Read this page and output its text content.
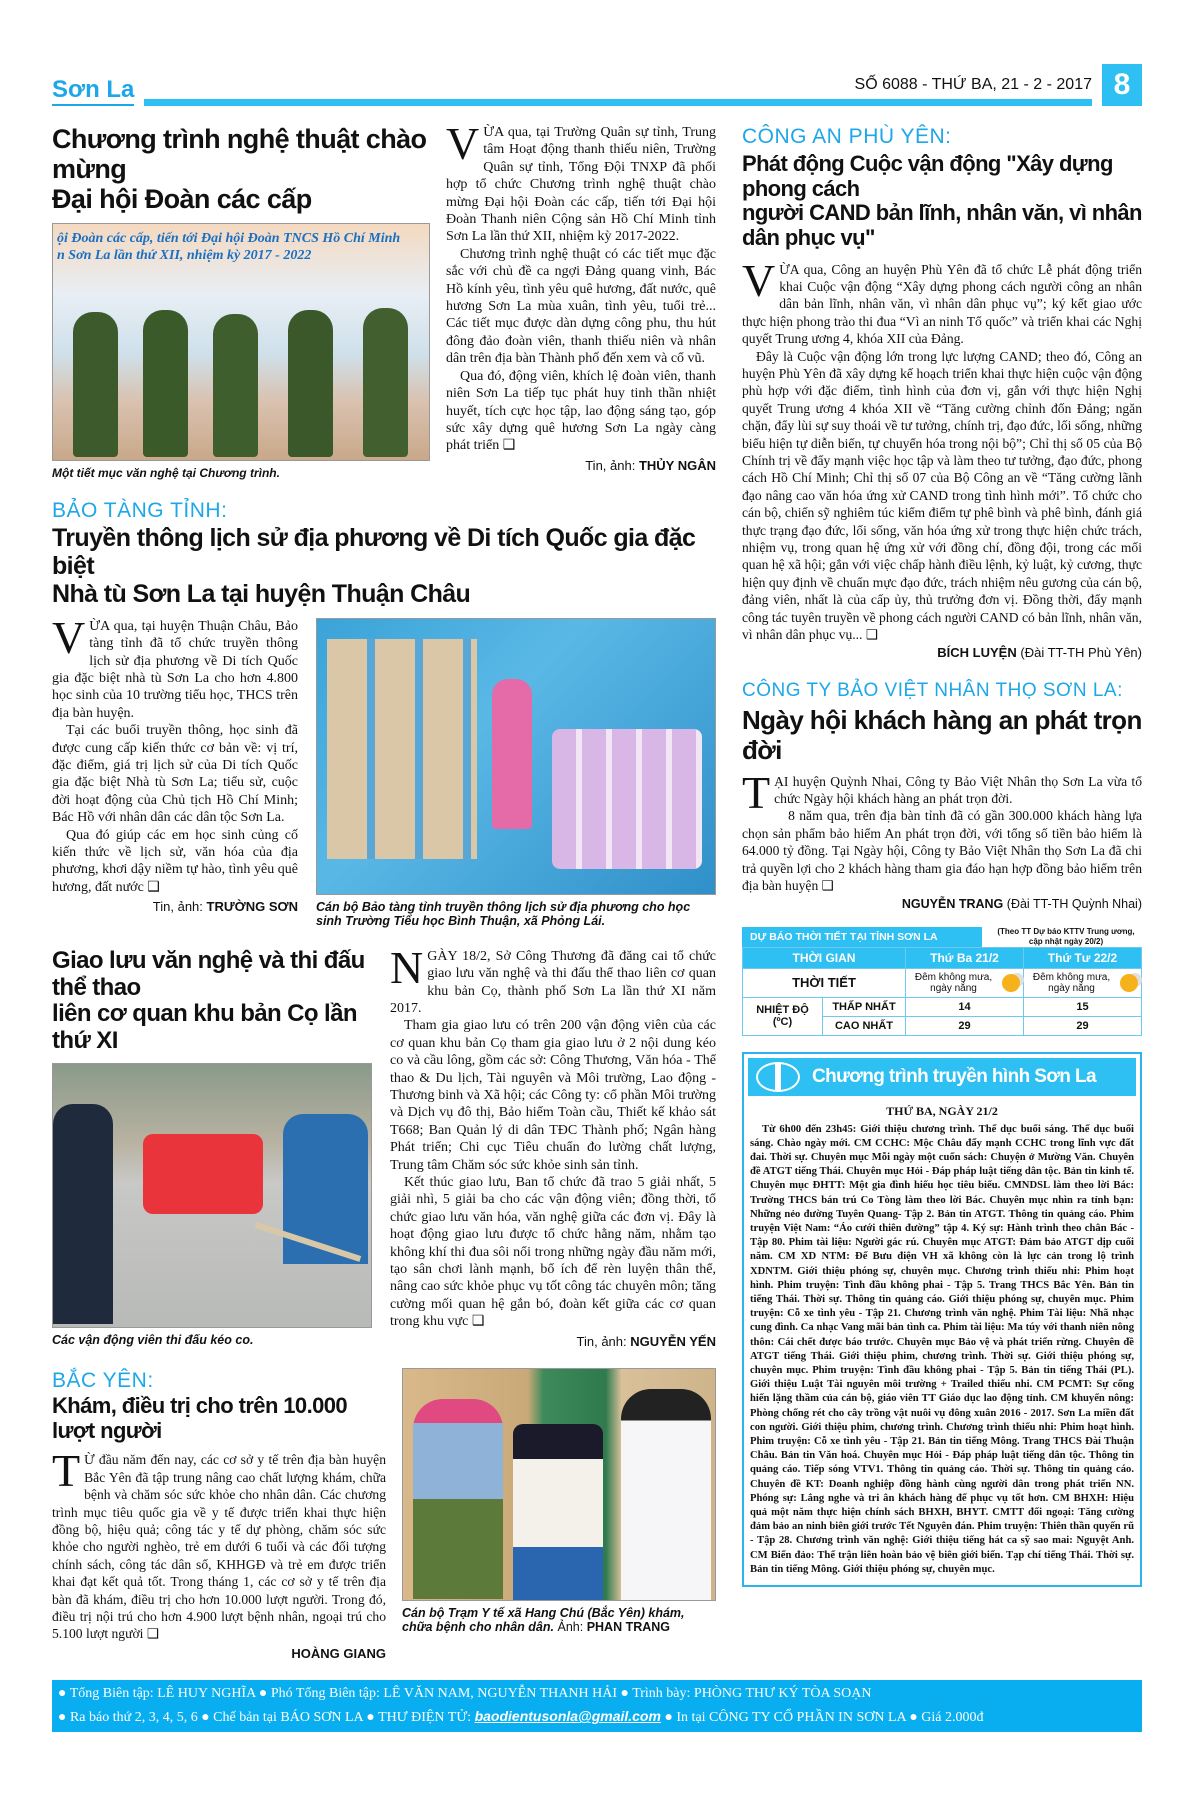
Sơn La	SỐ 6088 - THỨ BA, 21 - 2 - 2017 8
Chương trình nghệ thuật chào mừng
Đại hội Đoàn các cấp
ội Đoàn các cấp, tiến tới Đại hội Đoàn TNCS Hồ Chí Minh
n Sơn La lần thứ XII, nhiệm kỳ 2017 - 2022
Một tiết mục văn nghệ tại Chương trình.

VỪA qua, tại Trường Quân sự tỉnh, Trung tâm Hoạt động thanh thiếu niên, Trường Quân sự tỉnh, Tổng Đội TNXP đã phối hợp tổ chức Chương trình nghệ thuật chào mừng Đại hội Đoàn các cấp, tiến tới Đại hội Đoàn Thanh niên Cộng sản Hồ Chí Minh tỉnh Sơn La lần thứ XII, nhiệm kỳ 2017-2022.

Chương trình nghệ thuật có các tiết mục đặc sắc với chủ đề ca ngợi Đảng quang vinh, Bác Hồ kính yêu, tình yêu quê hương, đất nước, quê hương Sơn La mùa xuân, tình yêu, tuổi trẻ... Các tiết mục được dàn dựng công phu, thu hút đông đảo đoàn viên, thanh thiếu niên và nhân dân trên địa bàn Thành phố đến xem và cổ vũ.

Qua đó, động viên, khích lệ đoàn viên, thanh niên Sơn La tiếp tục phát huy tinh thần nhiệt huyết, tích cực học tập, lao động sáng tạo, góp sức xây dựng quê hương Sơn La ngày càng phát triển ❑

Tin, ảnh: THỦY NGÂN
BẢO TÀNG TỈNH:
Truyền thông lịch sử địa phương về Di tích Quốc gia đặc biệt
Nhà tù Sơn La tại huyện Thuận Châu

VỪA qua, tại huyện Thuận Châu, Bảo tàng tỉnh đã tổ chức truyền thông lịch sử địa phương về Di tích Quốc gia đặc biệt nhà tù Sơn La cho hơn 4.800 học sinh của 10 trường tiểu học, THCS trên địa bàn huyện.

Tại các buổi truyền thông, học sinh đã được cung cấp kiến thức cơ bản về: vị trí, đặc điểm, giá trị lịch sử của Di tích Quốc gia đặc biệt Nhà tù Sơn La; tiểu sử, cuộc đời hoạt động của Chủ tịch Hồ Chí Minh; Bác Hồ với nhân dân các dân tộc Sơn La.

Qua đó giúp các em học sinh củng cố kiến thức về lịch sử, văn hóa của địa phương, khơi dậy niềm tự hào, tình yêu quê hương, đất nước ❑

Tin, ảnh: TRƯỜNG SƠN Cán bộ Bảo tàng tỉnh truyền thông lịch sử địa phương cho học sinh Trường Tiểu học Bình Thuận, xã Phỏng Lái.
Giao lưu văn nghệ và thi đấu thể thao
liên cơ quan khu bản Cọ lần thứ XI
Các vận động viên thi đấu kéo co.

NGÀY 18/2, Sở Công Thương đã đăng cai tổ chức giao lưu văn nghệ và thi đấu thể thao liên cơ quan khu bản Cọ, thành phố Sơn La lần thứ XI năm 2017.

Tham gia giao lưu có trên 200 vận động viên của các cơ quan khu bản Cọ tham gia giao lưu ở 2 nội dung kéo co và cầu lông, gồm các sở: Công Thương, Văn hóa - Thể thao & Du lịch, Tài nguyên và Môi trường, Lao động - Thương binh và Xã hội; các Công ty: cổ phần Môi trường và Dịch vụ đô thị, Bảo hiểm Toàn cầu, Thiết kế khảo sát T668; Ban Quản lý di dân TĐC Thành phố; Ngân hàng Phát triển; Chi cục Tiêu chuẩn đo lường chất lượng, Trung tâm Chăm sóc sức khỏe sinh sản tỉnh.

Kết thúc giao lưu, Ban tổ chức đã trao 5 giải nhất, 5 giải nhì, 5 giải ba cho các vận động viên; đồng thời, tổ chức giao lưu văn hóa, văn nghệ giữa các đơn vị. Đây là hoạt động giao lưu được tổ chức hằng năm, nhằm tạo không khí thi đua sôi nổi trong những ngày đầu năm mới, tạo sân chơi lành mạnh, bổ ích để rèn luyện thân thể, nâng cao sức khỏe phục vụ tốt công tác chuyên môn; tăng cường mối quan hệ gắn bó, đoàn kết giữa các cơ quan trong khu vực ❑

Tin, ảnh: NGUYỄN YẾN
BẮC YÊN:
Khám, điều trị cho trên 10.000 lượt người

T Ừ đầu năm đến nay, các cơ sở y tế trên địa bàn huyện Bắc Yên đã tập trung nâng cao chất lượng khám, chữa bệnh và chăm sóc sức khỏe cho nhân dân. Các chương trình mục tiêu quốc gia về y tế được triển khai thực hiện đồng bộ, hiệu quả; công tác y tế dự phòng, chăm sóc sức khỏe cho người nghèo, trẻ em dưới 6 tuổi và các đối tượng chính sách, công tác dân số, KHHGĐ và trẻ em được triển khai đạt kết quả tốt. Trong tháng 1, các cơ sở y tế trên địa bàn đã khám, điều trị cho hơn 10.000 lượt người. Trong đó, điều trị nội trú cho hơn 4.900 lượt bệnh nhân, ngoại trú cho 5.100 lượt người ❑

HOÀNG GIANG
Cán bộ Trạm Y tế xã Hang Chú (Bắc Yên) khám, chữa bệnh cho nhân dân. Ảnh: PHAN TRANG
CÔNG AN PHÙ YÊN:
Phát động Cuộc vận động "Xây dựng phong cách
người CAND bản lĩnh, nhân văn, vì nhân dân phục vụ"

VỪA qua, Công an huyện Phù Yên đã tổ chức Lễ phát động triển khai Cuộc vận động “Xây dựng phong cách người công an nhân dân bản lĩnh, nhân văn, vì nhân dân phục vụ”; ký kết giao ước thực hiện phong trào thi đua “Vì an ninh Tổ quốc” và triển khai các Nghị quyết Trung ương 4, khóa XII của Đảng.

Đây là Cuộc vận động lớn trong lực lượng CAND; theo đó, Công an huyện Phù Yên đã xây dựng kế hoạch triển khai thực hiện cuộc vận động phù hợp với đặc điểm, tình hình của đơn vị, gắn với thực hiện Nghị quyết Trung ương 4 khóa XII về “Tăng cường chỉnh đốn Đảng; ngăn chặn, đẩy lùi sự suy thoái về tư tưởng, chính trị, đạo đức, lối sống, những biểu hiện tự diễn biến, tự chuyển hóa trong nội bộ”; Chỉ thị số 05 của Bộ Chính trị về đẩy mạnh việc học tập và làm theo tư tưởng, đạo đức, phong cách Hồ Chí Minh; Chỉ thị số 07 của Bộ Công an về “Tăng cường lãnh đạo nâng cao văn hóa ứng xử CAND trong tình hình mới”. Tổ chức cho cán bộ, chiến sỹ nghiêm túc kiểm điểm tự phê bình và phê bình, đánh giá thực trạng đạo đức, lối sống, văn hóa ứng xử trong thực hiện chức trách, nhiệm vụ, trong quan hệ ứng xử với đồng chí, đồng đội, trong các mối quan hệ xã hội; gắn với việc chấp hành điều lệnh, kỷ luật, kỷ cương, thực hiện quy định về chuẩn mực đạo đức, trách nhiệm nêu gương của cán bộ, đảng viên, nhất là của cấp ủy, thủ trưởng đơn vị. Đồng thời, đẩy mạnh công tác tuyên truyền về phong cách người CAND có bản lĩnh, nhân văn, vì nhân dân phục vụ... ❑

BÍCH LUYỆN (Đài TT-TH Phù Yên)
CÔNG TY BẢO VIỆT NHÂN THỌ SƠN LA:
Ngày hội khách hàng an phát trọn đời

TẠI huyện Quỳnh Nhai, Công ty Bảo Việt Nhân thọ Sơn La vừa tổ chức Ngày hội khách hàng an phát trọn đời.

8 năm qua, trên địa bàn tỉnh đã có gần 300.000 khách hàng lựa chọn sản phẩm bảo hiểm An phát trọn đời, với tổng số tiền bảo hiểm là 64.000 tỷ đồng. Tại Ngày hội, Công ty Bảo Việt Nhân thọ Sơn La đã chi trả quyền lợi cho 2 khách hàng tham gia đáo hạn hợp đồng bảo hiểm trên địa bàn huyện ❑

NGUYỄN TRANG (Đài TT-TH Quỳnh Nhai)
DỰ BÁO THỜI TIẾT TẠI TỈNH SƠN LA	(Theo TT Dự báo KTTV Trung ương, cập nhật ngày 20/2)
THỜI GIAN		Thứ Ba 21/2	Thứ Tư 22/2
THỜI TIẾT		Đêm không mưa, ngày nắng	Đêm không mưa, ngày nắng

NHIỆT ĐỘ (ºC)	THẤP NHẤT	14	15
	CAO NHẤT	29	29
Chương trình truyền hình Sơn La
THỨ BA, NGÀY 21/2
Từ 6h00 đến 23h45: Giới thiệu chương trình. Thể dục buổi sáng. Thể dục buổi sáng. Chào ngày mới. CM CCHC: Mộc Châu đẩy mạnh CCHC trong lĩnh vực đất đai. Thời sự. Chuyên mục Mỗi ngày một cuốn sách: Chuyện ở Mường Văn. Chuyên đề ATGT tiếng Thái. Chuyên mục Hỏi - Đáp pháp luật tiếng dân tộc. Bản tin kinh tế. Chuyên mục ĐHTT: Một gia đình hiếu học tiêu biểu. CMNDSL làm theo lời Bác: Trường THCS bán trú Co Tòng làm theo lời Bác. Chuyên mục nhìn ra tỉnh bạn: Những nẻo đường Tuyên Quang- Tập 2. Bản tin ATGT. Thông tin quảng cáo. Phim truyện Việt Nam: “Áo cưới thiên đường” tập 4. Ký sự: Hành trình theo chân Bác - Tập 80. Phim tài liệu: Người gác rú. Chuyên mục ATGT: Đảm bảo ATGT dịp cuối năm. CM XD NTM: Để Bưu điện VH xã không còn là lực cản trong lộ trình XDNTM. Giới thiệu phóng sự, chuyên mục. Chương trình thiếu nhi: Phim hoạt hình. Phim truyện: Tình đầu không phai - Tập 5. Trang THCS Bắc Yên. Bản tin tiếng Thái. Thời sự. Thông tin quảng cáo. Giới thiệu phóng sự, chuyên mục. Phim truyện: Cỗ xe tình yêu - Tập 21. Chương trình văn nghệ. Phim Tài liệu: Nhã nhạc cung đình. Ca nhạc Vang mãi bản tình ca. Phim tài liệu: Ma túy với thanh niên nông thôn: Cái chết được báo trước. Chuyên mục Bảo vệ và phát triển rừng. Chuyên đề ATGT tiếng Thái. Giới thiệu phim, chương trình. Thời sự. Giới thiệu phóng sự, chuyên mục. Phim truyện: Tình đầu không phai - Tập 5. Bản tin tiếng Thái (PL). Giới thiệu Luật Tài nguyên môi trường + Trailed thiếu nhi. CM PCMT: Sự cống hiến lặng thầm của cán bộ, giáo viên TT Giáo dục lao động tỉnh. CM khuyến nông: Phòng chống rét cho cây trồng vật nuôi vụ đông xuân 2016 - 2017. Sơn La miền đất con người. Giới thiệu phim, chương trình. Chương trình thiếu nhi: Phim hoạt hình. Phim truyện: Cỗ xe tình yêu - Tập 21. Bản tin tiếng Mông. Trang THCS Đài Thuận Châu. Bản tin Văn hoá. Chuyên mục Hỏi - Đáp pháp luật tiếng dân tộc. Thông tin quảng cáo. Tiếp sóng VTV1. Thông tin quảng cáo. Thời sự. Thông tin quảng cáo. Chuyên đề KT: Doanh nghiệp đồng hành cùng người dân trong phát triển NN. Phóng sự: Lắng nghe và tri ân khách hàng để phục vụ tốt hơn. CM BHXH: Hiệu quả một năm thực hiện chính sách BHXH, BHYT. CMTT đối ngoại: Tăng cường đảm bảo an ninh biên giới trước Tết Nguyên đán. Phim truyện: Thiên thần quyến rũ - Tập 28. Chương trình văn nghệ: Giới thiệu tiếng hát ca sỹ sao mai: Nguyệt Anh. CM Biển đảo: Thế trận liên hoàn bảo vệ biên giới biển. Tạp chí tiếng Thái. Thời sự. Bản tin tiếng Mông. Giới thiệu phóng sự, chuyên mục.
● Tổng Biên tập: LÊ HUY NGHĨA ● Phó Tổng Biên tập: LÊ VĂN NAM, NGUYỄN THANH HẢI ● Trình bày: PHÒNG THƯ KÝ TÒA SOẠN
● Ra báo thứ 2, 3, 4, 5, 6 ● Chế bản tại BÁO SƠN LA ● THƯ ĐIỆN TỬ: baodientusonla@gmail.com ● In tại CÔNG TY CỔ PHẦN IN SƠN LA ● Giá 2.000đ
